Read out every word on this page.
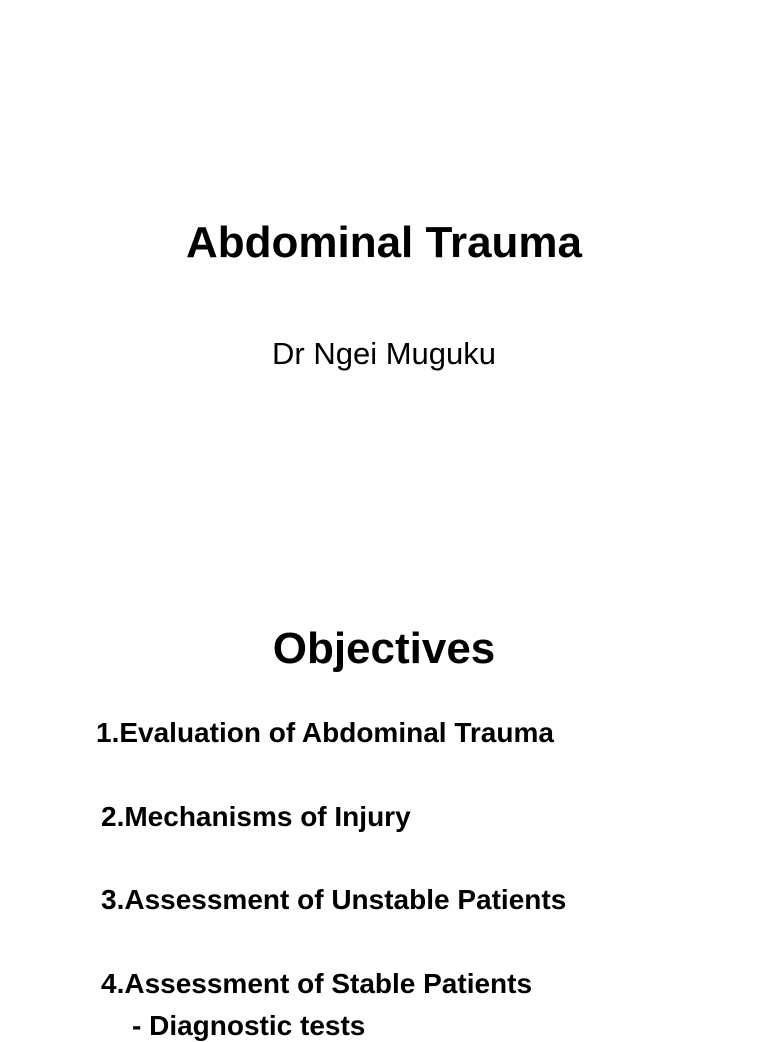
Abdominal Trauma
Dr Ngei Muguku
Objectives
1.Evaluation of Abdominal Trauma
2.Mechanisms of Injury
3.Assessment of Unstable Patients
4.Assessment of Stable Patients
- Diagnostic tests
